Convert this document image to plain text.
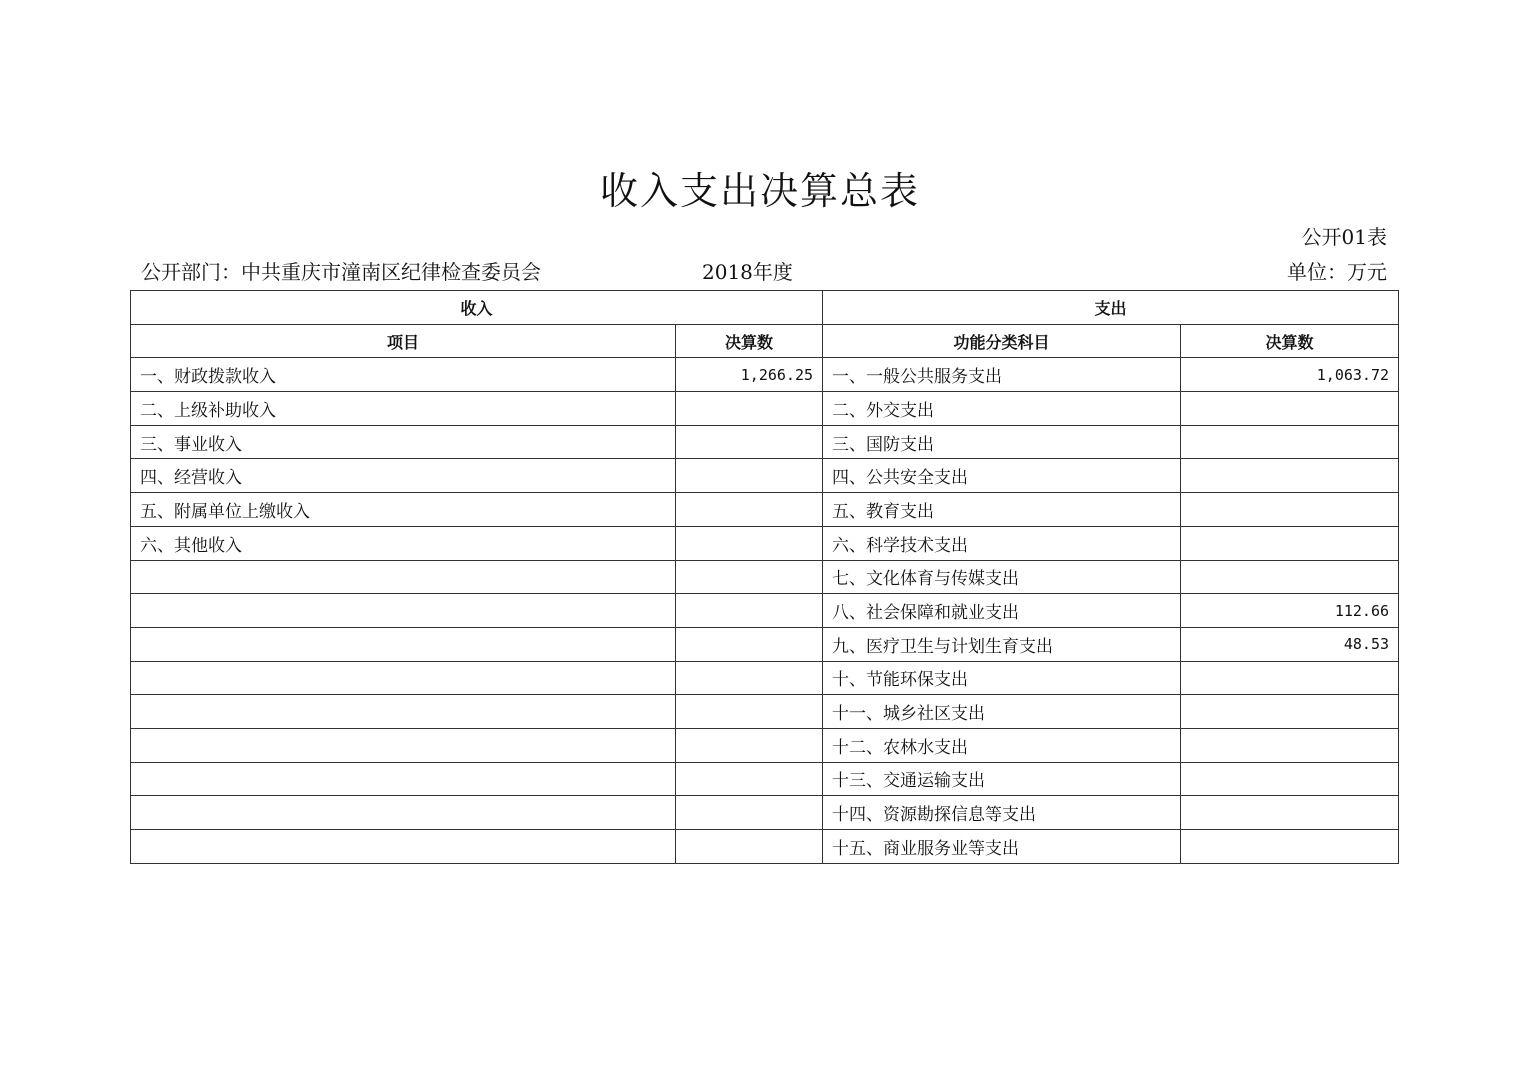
收入支出决算总表
公开01表
公开部门：中共重庆市潼南区纪律检查委员会	2018年度	单位：万元
收入		支出	
项目	决算数	功能分类科目	决算数
一、财政拨款收入	1,266.25	一、一般公共服务支出	1,063.72
二、上级补助收入		二、外交支出	
三、事业收入		三、国防支出	
四、经营收入		四、公共安全支出	
五、附属单位上缴收入		五、教育支出	
六、其他收入		六、科学技术支出	
		七、文化体育与传媒支出	
		八、社会保障和就业支出	112.66
		九、医疗卫生与计划生育支出	48.53
		十、节能环保支出	
		十一、城乡社区支出	
		十二、农林水支出	
		十三、交通运输支出	
		十四、资源勘探信息等支出	
		十五、商业服务业等支出	
